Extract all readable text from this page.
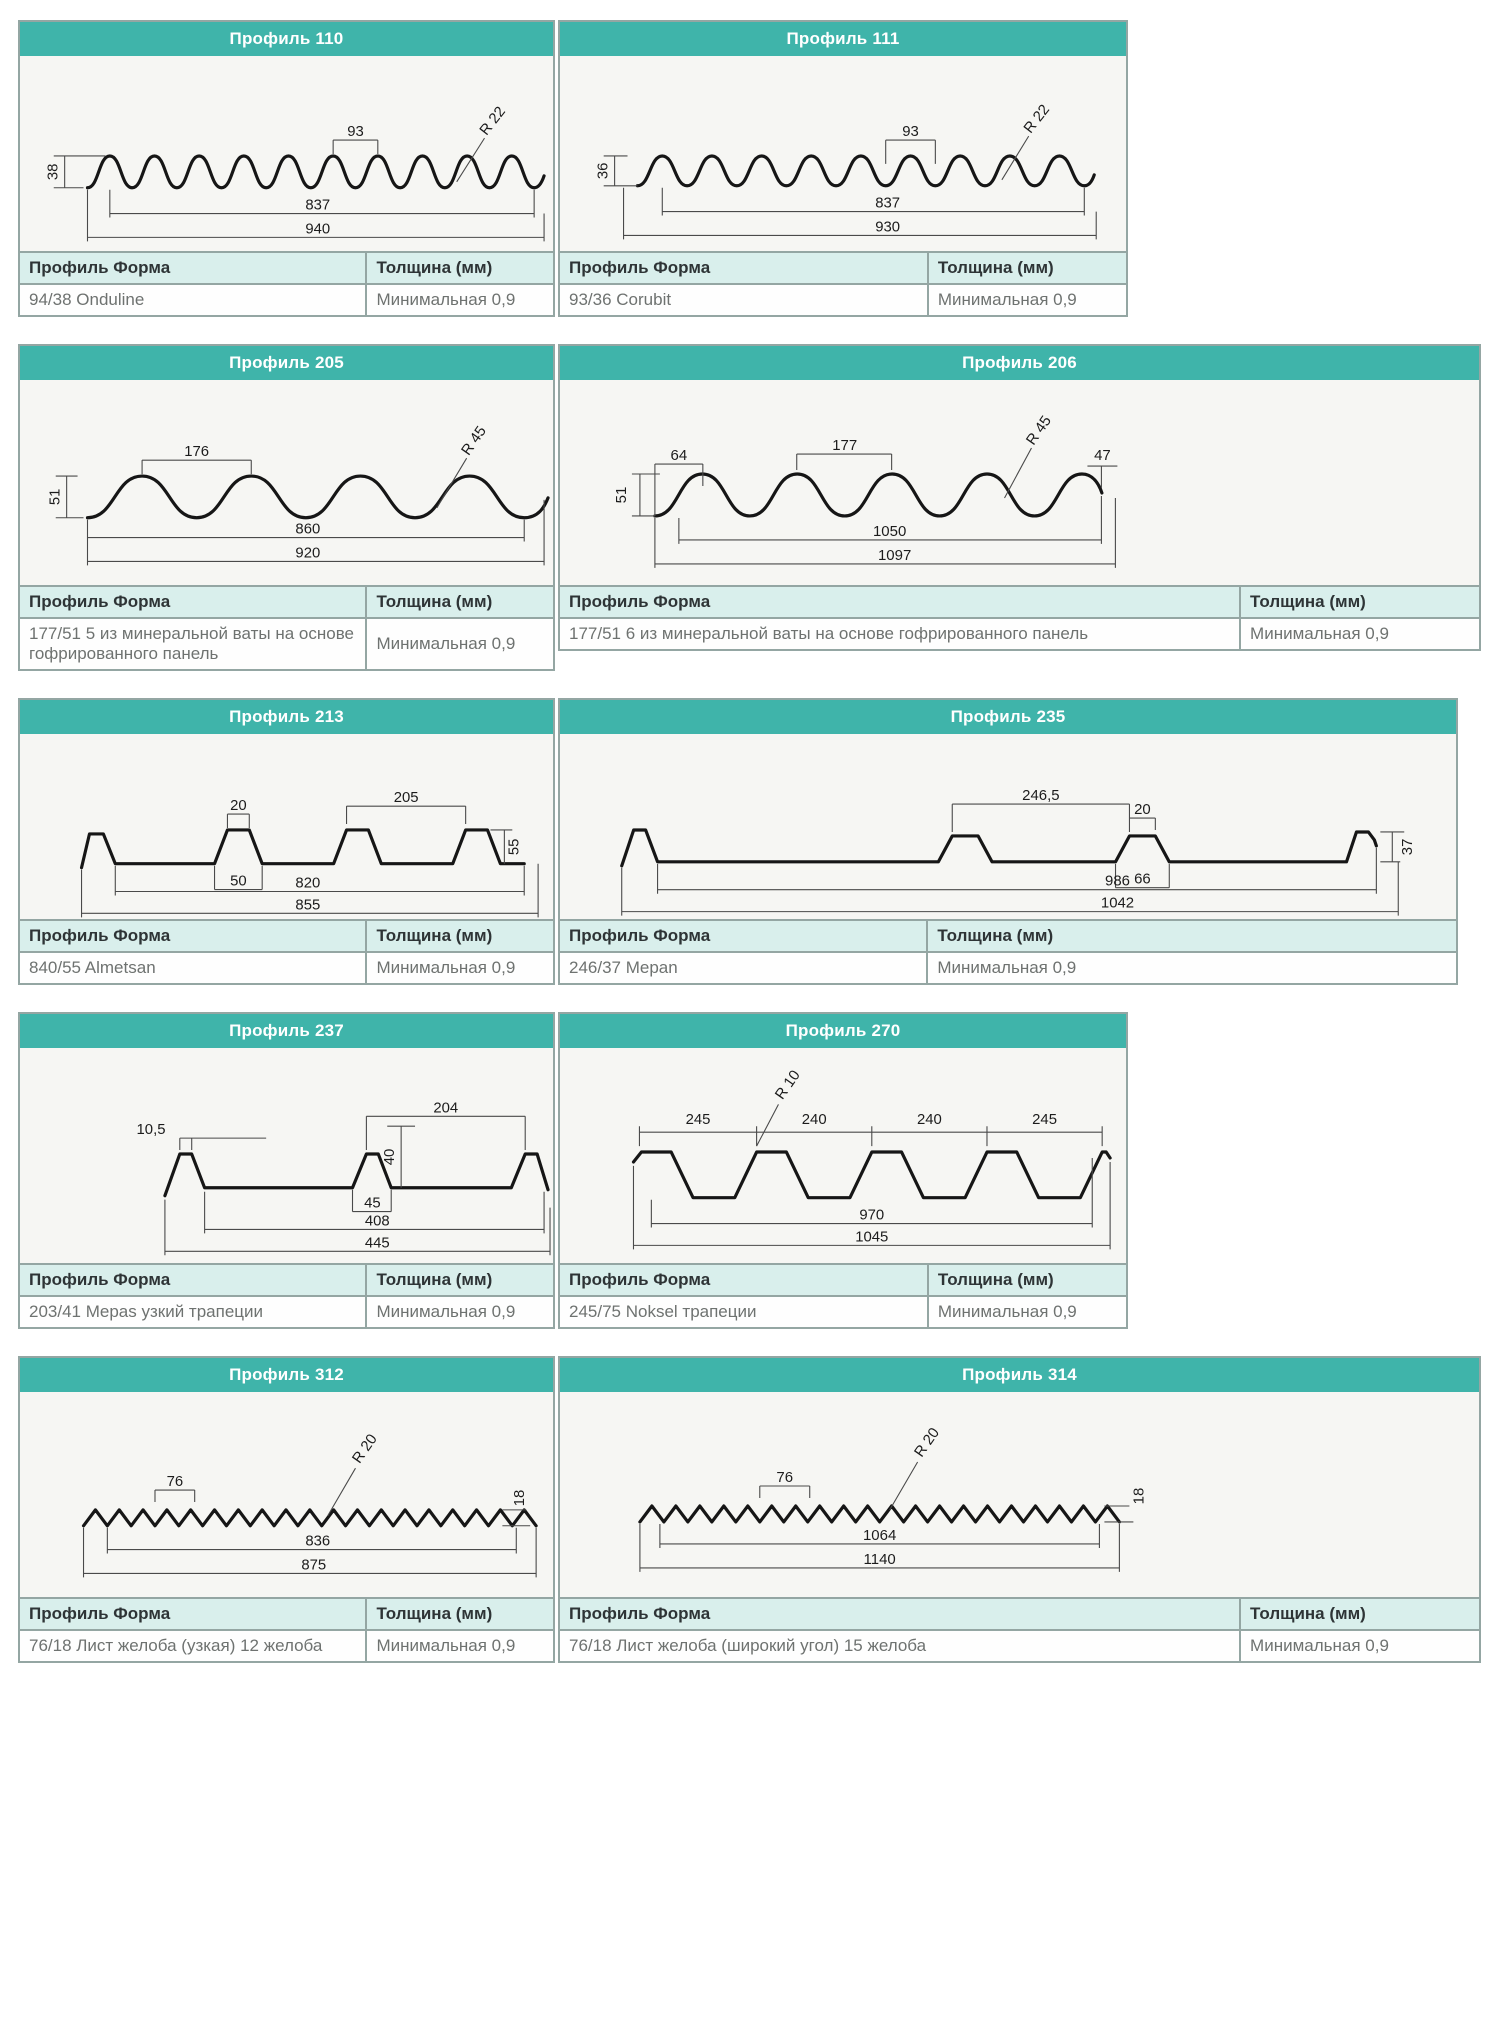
Профиль 110
38
93	R 22
837
940
Профиль Форма	Толщина (мм)
94/38 Onduline	Минимальная 0,9
Профиль 111
36
93	R 22
837
930
Профиль Форма	Толщина (мм)
93/36 Corubit	Минимальная 0,9
Профиль 205
176
51
R 45
860
920
Профиль Форма	Толщина (мм)
177/51 5 из минеральной ваты на основе гофрированного панель	Минимальная 0,9
Профиль 206
64
51
177	R 45
47
1050
1097
Профиль Форма	Толщина (мм)
177/51 6 из минеральной ваты на основе гофрированного панель	Минимальная 0,9
Профиль 213
20	205
50
55
820
855
Профиль Форма	Толщина (мм)
840/55 Almetsan	Минимальная 0,9
Профиль 235
246,5
20
66
37
986
1042
Профиль Форма	Толщина (мм)
246/37 Mepan	Минимальная 0,9
Профиль 237
10,5
204
40
45
408
445
Профиль Форма	Толщина (мм)
203/41 Mepas узкий трапеции	Минимальная 0,9
Профиль 270
245
R 10
240	240	245
970
1045
Профиль Форма	Толщина (мм)
245/75 Noksel трапеции	Минимальная 0,9
Профиль 312
76
R 20
18
836
875
Профиль Форма	Толщина (мм)
76/18 Лист желоба (узкая) 12 желоба	Минимальная 0,9
Профиль 314
76
R 20
18
1064
1140
Профиль Форма	Толщина (мм)
76/18 Лист желоба (широкий угол) 15 желоба	Минимальная 0,9
